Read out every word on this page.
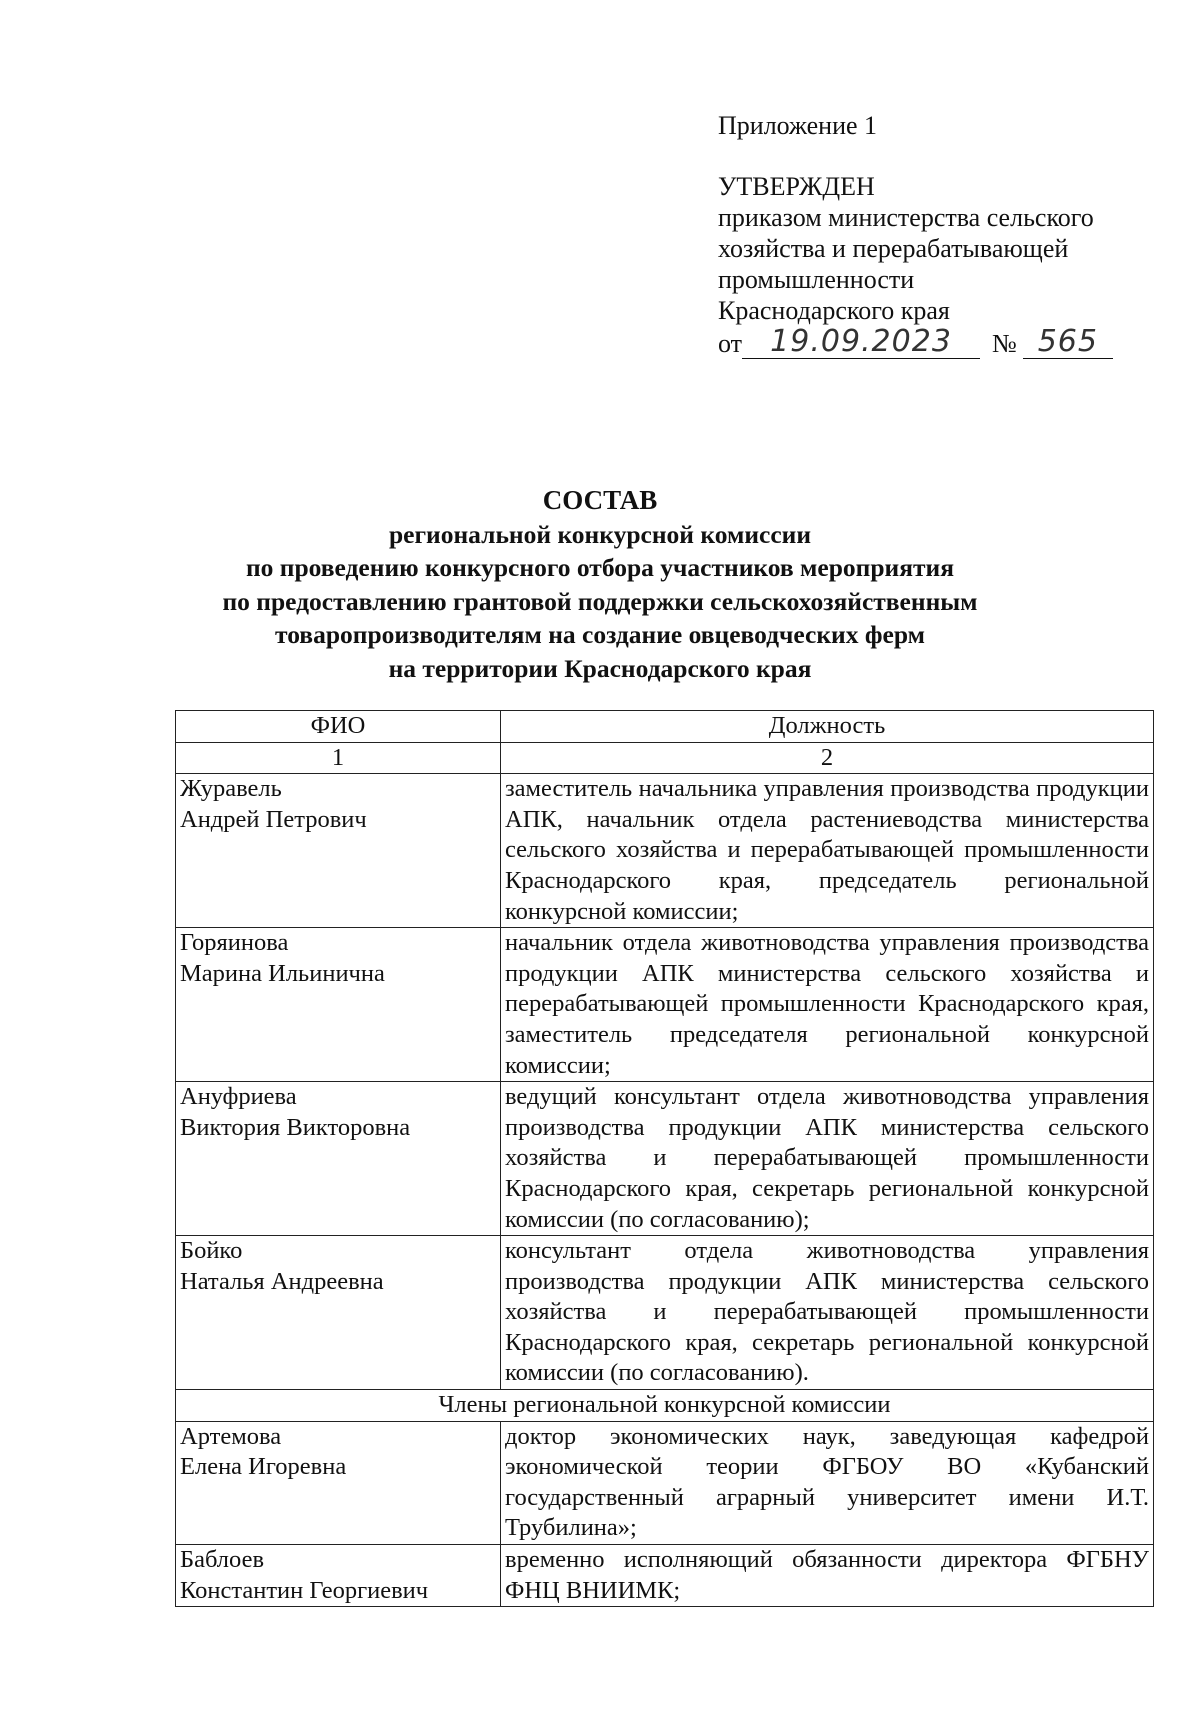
Приложение 1
УТВЕРЖДЕН
приказом министерства сельского
хозяйства и перерабатывающей
промышленности
Краснодарского края
от 19.09.2023	№ 565
СОСТАВ
региональной конкурсной комиссии
по проведению конкурсного отбора участников мероприятия
по предоставлению грантовой поддержки сельскохозяйственным
товаропроизводителям на создание овцеводческих ферм
на территории Краснодарского края
ФИО	Должность
1	2

Журавель
Андрей Петрович	заместитель начальника управления производства продукции АПК, начальник отдела растениеводства министерства сельского хозяйства и перерабатывающей промышленности Краснодарского края, председатель региональной конкурсной комиссии;

Горяинова
Марина Ильинична	начальник отдела животноводства управления производства продукции АПК министерства сельского хозяйства и перерабатывающей промышленности Краснодарского края, заместитель председателя региональной конкурсной комиссии;

Ануфриева
Виктория Викторовна	ведущий консультант отдела животноводства управления производства продукции АПК министерства сельского хозяйства и перерабатывающей промышленности Краснодарского края, секретарь региональной конкурсной комиссии (по согласованию);

Бойко
Наталья Андреевна	консультант отдела животноводства управления производства продукции АПК министерства сельского хозяйства и перерабатывающей промышленности Краснодарского края, секретарь региональной конкурсной комиссии (по согласованию).
Члены региональной конкурсной комиссии	

Артемова
Елена Игоревна	доктор экономических наук, заведующая кафедрой экономической теории ФГБОУ ВО «Кубанский государственный аграрный университет имени И.Т. Трубилина»;

Баблоев
Константин Георгиевич	временно исполняющий обязанности директора ФГБНУ ФНЦ ВНИИМК;
